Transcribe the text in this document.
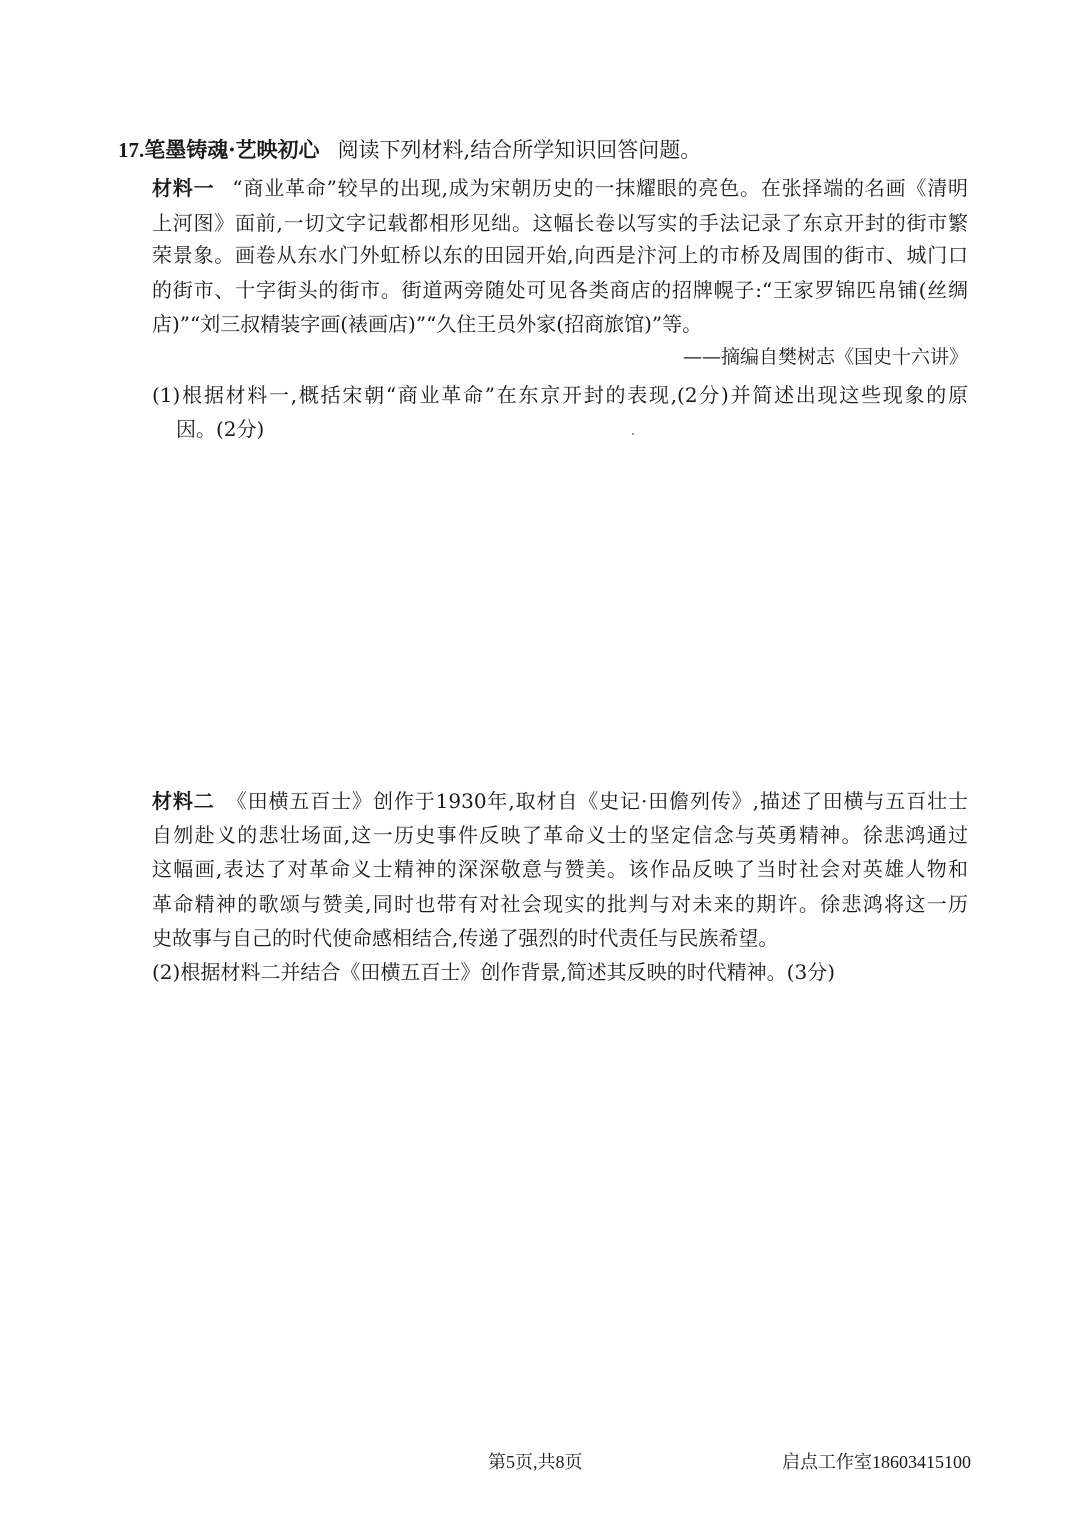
17.笔墨铸魂·艺映初心 阅读下列材料,结合所学知识回答问题。
材料一 “商业革命”较早的出现,成为宋朝历史的一抹耀眼的亮色。在张择端的名画《清明
上河图》面前,一切文字记载都相形见绌。这幅长卷以写实的手法记录了东京开封的街市繁
荣景象。画卷从东水门外虹桥以东的田园开始,向西是汴河上的市桥及周围的街市、城门口
的街市、十字街头的街市。街道两旁随处可见各类商店的招牌幌子:“王家罗锦匹帛铺(丝绸
店)”“刘三叔精装字画(裱画店)”“久住王员外家(招商旅馆)”等。
——摘编自樊树志《国史十六讲》
(1)根据材料一,概括宋朝“商业革命”在东京开封的表现,(2分)并简述出现这些现象的原
因。(2分)
材料二 《田横五百士》创作于1930年,取材自《史记·田儋列传》,描述了田横与五百壮士
自刎赴义的悲壮场面,这一历史事件反映了革命义士的坚定信念与英勇精神。徐悲鸿通过
这幅画,表达了对革命义士精神的深深敬意与赞美。该作品反映了当时社会对英雄人物和
革命精神的歌颂与赞美,同时也带有对社会现实的批判与对未来的期许。徐悲鸿将这一历
史故事与自己的时代使命感相结合,传递了强烈的时代责任与民族希望。
(2)根据材料二并结合《田横五百士》创作背景,简述其反映的时代精神。(3分)
第5页,共8页	启点工作室18603415100
